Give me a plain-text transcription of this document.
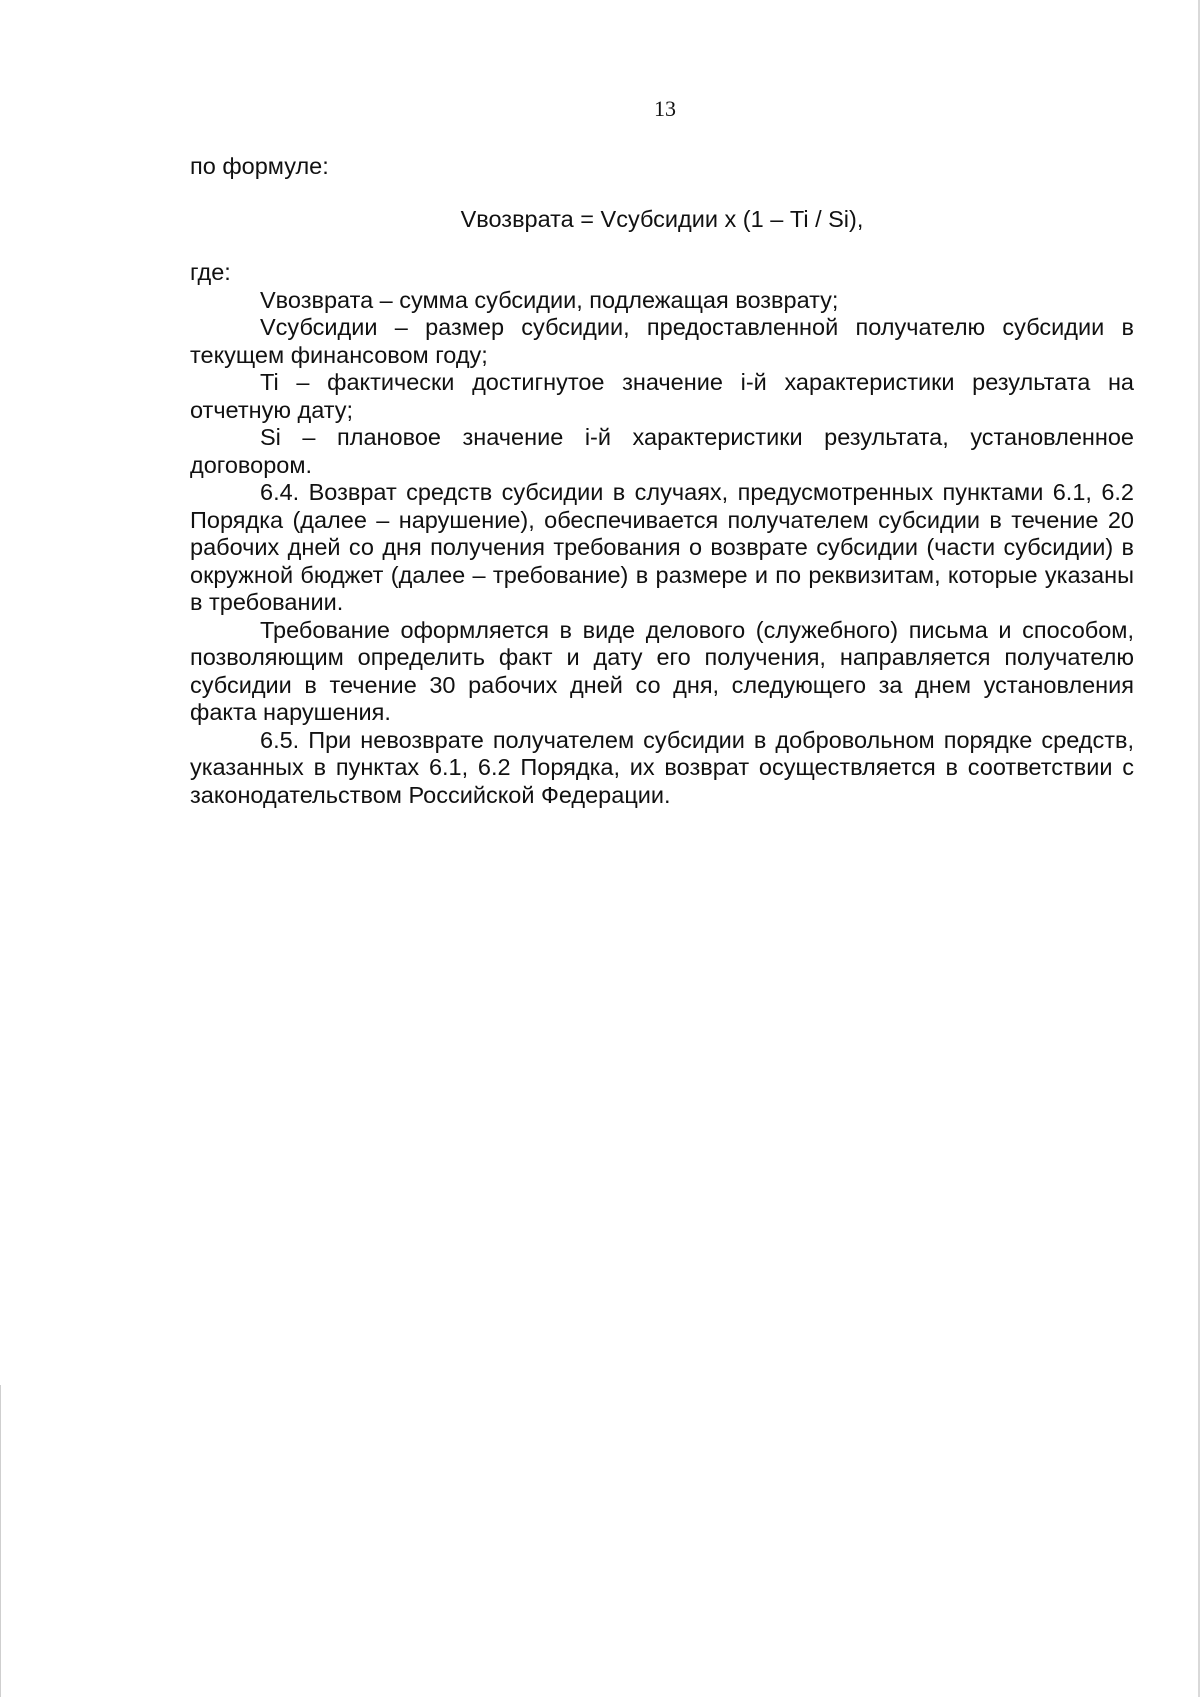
13

по формуле:

Vвозврата = Vсубсидии х (1 – Ti / Si),

где:

Vвозврата – сумма субсидии, подлежащая возврату;

Vсубсидии – размер субсидии, предоставленной получателю субсидии в текущем финансовом году;

Ti – фактически достигнутое значение i-й характеристики результата на отчетную дату;

Si – плановое значение i-й характеристики результата, установленное договором.

6.4. Возврат средств субсидии в случаях, предусмотренных пунктами 6.1, 6.2 Порядка (далее – нарушение), обеспечивается получателем субсидии в течение 20 рабочих дней со дня получения требования о возврате субсидии (части субсидии) в окружной бюджет (далее – требование) в размере и по реквизитам, которые указаны в требовании.

Требование оформляется в виде делового (служебного) письма и способом, позволяющим определить факт и дату его получения, направляется получателю субсидии в течение 30 рабочих дней со дня, следующего за днем установления факта нарушения.

6.5. При невозврате получателем субсидии в добровольном порядке средств, указанных в пунктах 6.1, 6.2 Порядка, их возврат осуществляется в соответствии с законодательством Российской Федерации.
